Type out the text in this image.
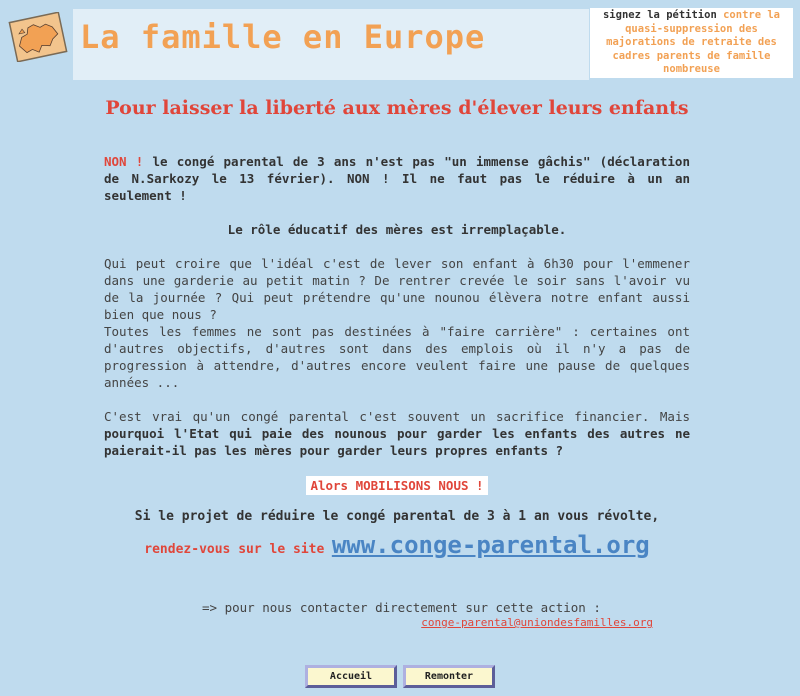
La famille en Europe
signez la pétition contre la quasi-suppression des majorations de retraite des cadres parents de famille nombreuse
Pour laisser la liberté aux mères d'élever leurs enfants

NON ! le congé parental de 3 ans n'est pas "un immense gâchis" (déclaration de N.Sarkozy le 13 février). NON ! Il ne faut pas le réduire à un an seulement !

Le rôle éducatif des mères est irremplaçable.

Qui peut croire que l'idéal c'est de lever son enfant à 6h30 pour l'emmener dans une garderie au petit matin ? De rentrer crevée le soir sans l'avoir vu de la journée ? Qui peut prétendre qu'une nounou élèvera notre enfant aussi bien que nous ?

Toutes les femmes ne sont pas destinées à "faire carrière" : certaines ont d'autres objectifs, d'autres sont dans des emplois où il n'y a pas de progression à attendre, d'autres encore veulent faire une pause de quelques années ...

C'est vrai qu'un congé parental c'est souvent un sacrifice financier. Mais pourquoi l'Etat qui paie des nounous pour garder les enfants des autres ne paierait-il pas les mères pour garder leurs propres enfants ?

Alors MOBILISONS NOUS !

Si le projet de réduire le congé parental de 3 à 1 an vous révolte,

rendez-vous sur le site www.conge-parental.org

=> pour nous contacter directement sur cette action :
conge-parental@uniondesfamilles.org
Accueil	Remonter
